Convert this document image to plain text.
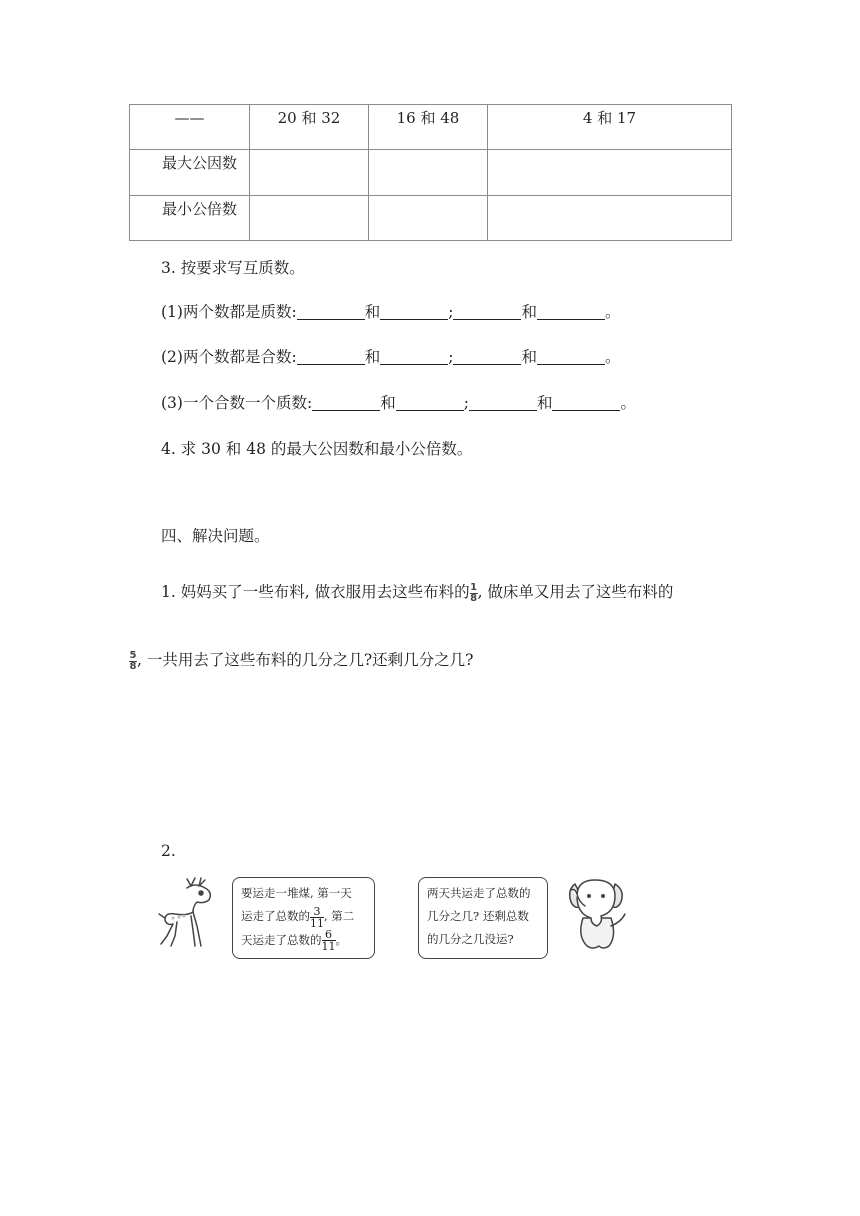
——	20 和 32	16 和 48	4 和 17
最大公因数			
最小公倍数			
3. 按要求写互质数。
(1)两个数都是质数:	和	;	和	。
(2)两个数都是合数:	和	;	和	。
(3)一个合数一个质数:	和	;	和	。
4. 求 30 和 48 的最大公因数和最小公倍数。
四、解决问题。
1. 妈妈买了一些布料, 做衣服用去这些布料的 $\frac{1}{8}$ , 做床单又用去了这些布料的
$\frac{5}{8}$ , 一共用去了这些布料的几分之几?还剩几分之几?
2.
要运走一堆煤, 第一天
运走了总数的 $\frac{3}{11}$ , 第二
天运走了总数的 $\frac{6}{11}$ 。
两天共运走了总数的
几分之几? 还剩总数
的几分之几没运?
